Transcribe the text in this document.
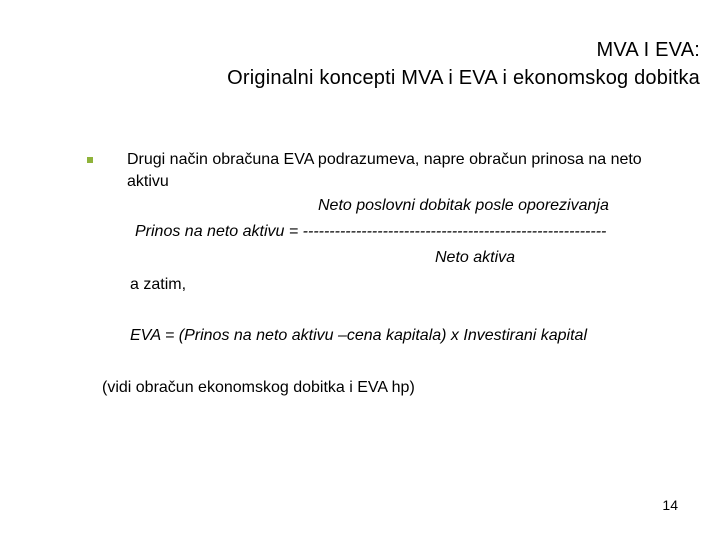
MVA I EVA:
Originalni koncepti MVA i EVA i ekonomskog dobitka
Drugi način obračuna EVA podrazumeva, napre obračun prinosa na neto aktivu
Neto poslovni dobitak posle oporezivanja
Prinos na neto aktivu = ---------------------------------------------------------
Neto aktiva
a zatim,
EVA = (Prinos na neto aktivu –cena kapitala) x Investirani kapital
(vidi obračun ekonomskog dobitka i EVA hp)
14
